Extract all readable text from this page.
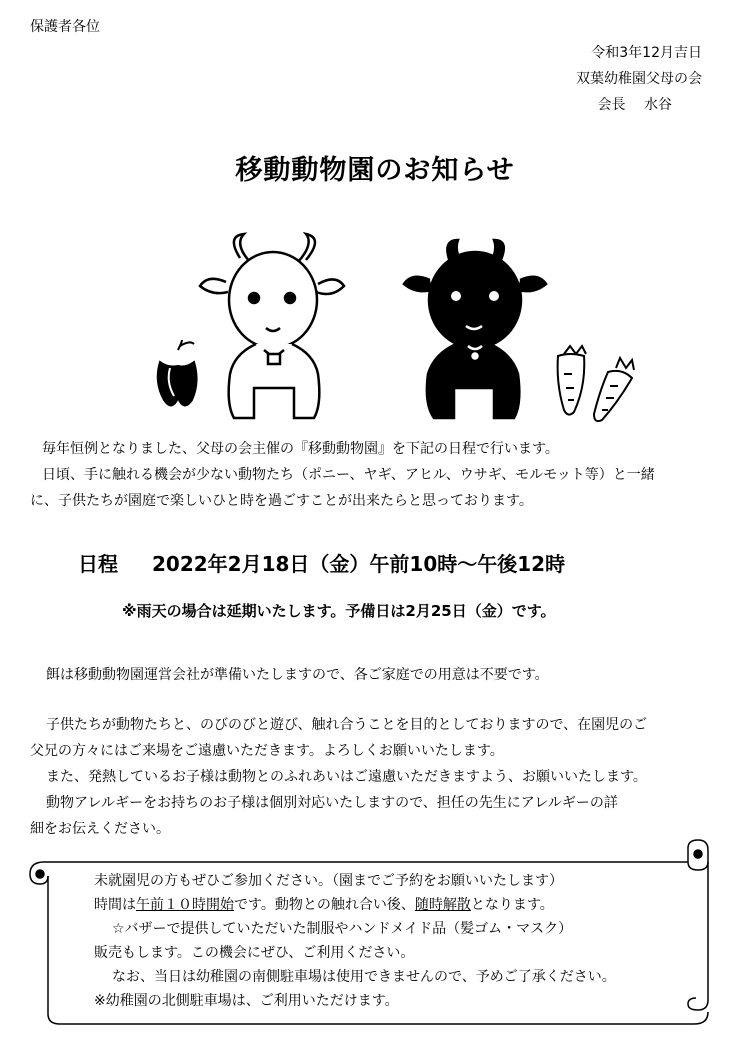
保護者各位
令和3年12月吉日
双葉幼稚園父母の会
会長　 水谷
移動動物園のお知らせ
毎年恒例となりました、父母の会主催の『移動動物園』を下記の日程で行います。
日頃、手に触れる機会が少ない動物たち（ポニー、ヤギ、アヒル、ウサギ、モルモット等）と一緒
に、子供たちが園庭で楽しいひと時を過ごすことが出来たらと思っております。
日程 2022年2月18日（金）午前10時～午後12時
※雨天の場合は延期いたします。予備日は2月25日（金）です。
餌は移動動物園運営会社が準備いたしますので、各ご家庭での用意は不要です。
子供たちが動物たちと、のびのびと遊び、触れ合うことを目的としておりますので、在園児のご
父兄の方々にはご来場をご遠慮いただきます。よろしくお願いいたします。
また、発熱しているお子様は動物とのふれあいはご遠慮いただきますよう、お願いいたします。
動物アレルギーをお持ちのお子様は個別対応いたしますので、担任の先生にアレルギーの詳
細をお伝えください。
未就園児の方もぜひご参加ください。（園までご予約をお願いいたします）
時間は午前１０時開始です。動物との触れ合い後、随時解散となります。
☆バザーで提供していただいた制服やハンドメイド品（髪ゴム・マスク）
販売もします。この機会にぜひ、ご利用ください。
なお、当日は幼稚園の南側駐車場は使用できませんので、予めご了承ください。
※幼稚園の北側駐車場は、ご利用いただけます。
